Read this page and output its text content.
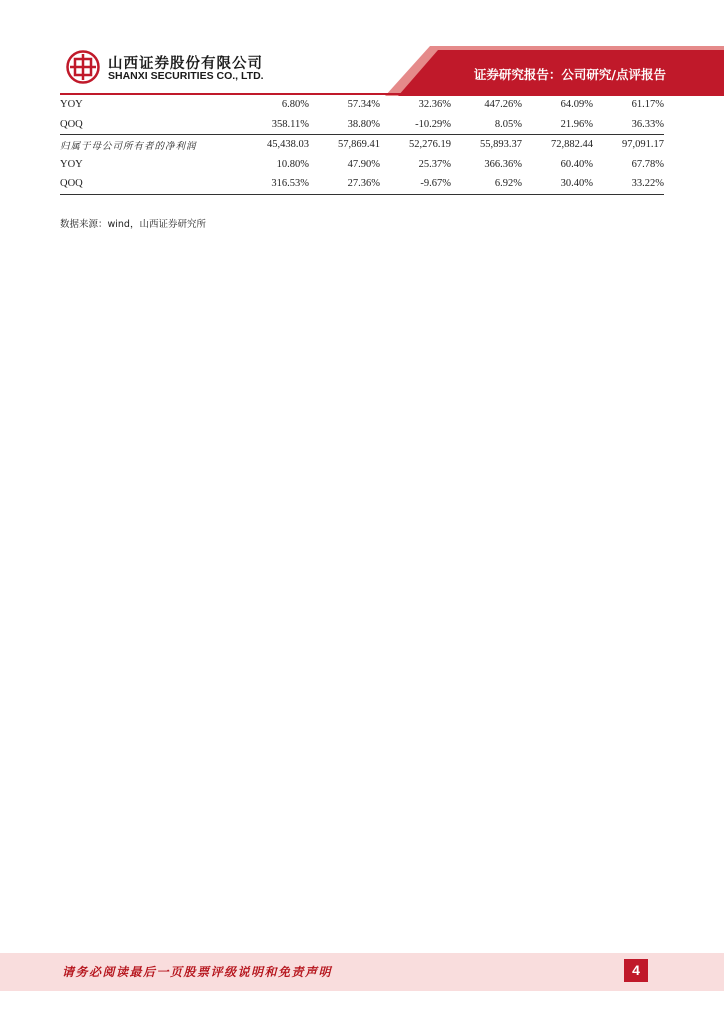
山西证券股份有限公司
SHANXI SECURITIES CO., LTD.	证券研究报告：公司研究/点评报告
YOY	6.80%	57.34%	32.36%	447.26%	64.09%	61.17%
QOQ	358.11%	38.80%	-10.29%	8.05%	21.96%	36.33%
归属于母公司所有者的净利润	45,438.03	57,869.41	52,276.19	55,893.37	72,882.44	97,091.17
YOY	10.80%	47.90%	25.37%	366.36%	60.40%	67.78%
QOQ	316.53%	27.36%	-9.67%	6.92%	30.40%	33.22%
数据来源：wind，山西证券研究所
请务必阅读最后一页股票评级说明和免责声明	4
